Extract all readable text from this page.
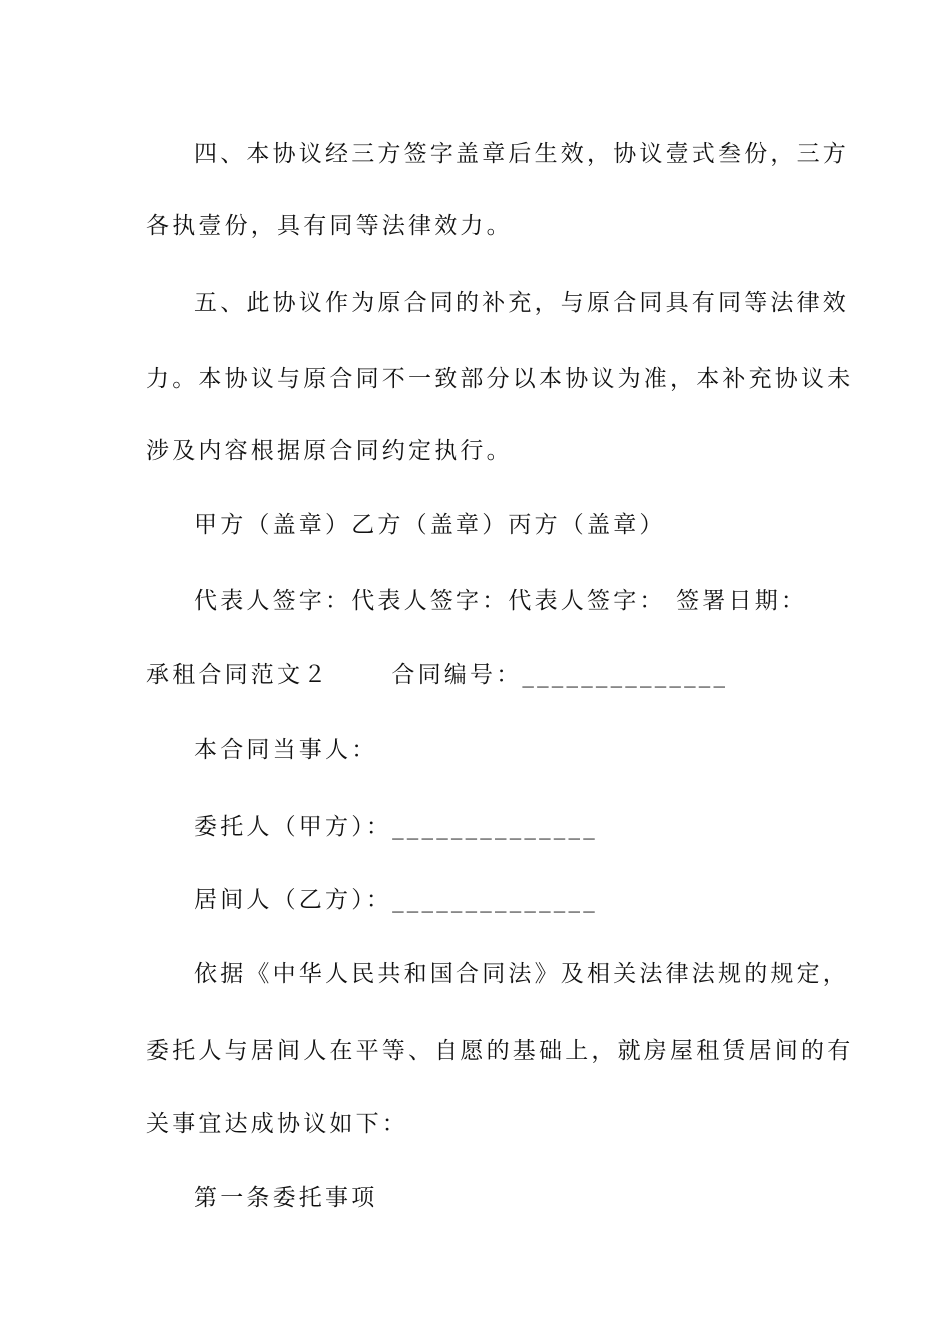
四、本协议经三方签字盖章后生效，协议壹式叁份，三方

各执壹份，具有同等法律效力。

五、此协议作为原合同的补充，与原合同具有同等法律效

力。本协议与原合同不一致部分以本协议为准，本补充协议未

涉及内容根据原合同约定执行。

甲方（盖章）乙方（盖章）丙方（盖章）

代表人签字：代表人签字：代表人签字： 签署日期：

承租合同范文２	合同编号：______________

本合同当事人：

委托人（甲方）：______________

居间人（乙方）：______________

依据《中华人民共和国合同法》及相关法律法规的规定，

委托人与居间人在平等、自愿的基础上，就房屋租赁居间的有

关事宜达成协议如下：

第一条委托事项
